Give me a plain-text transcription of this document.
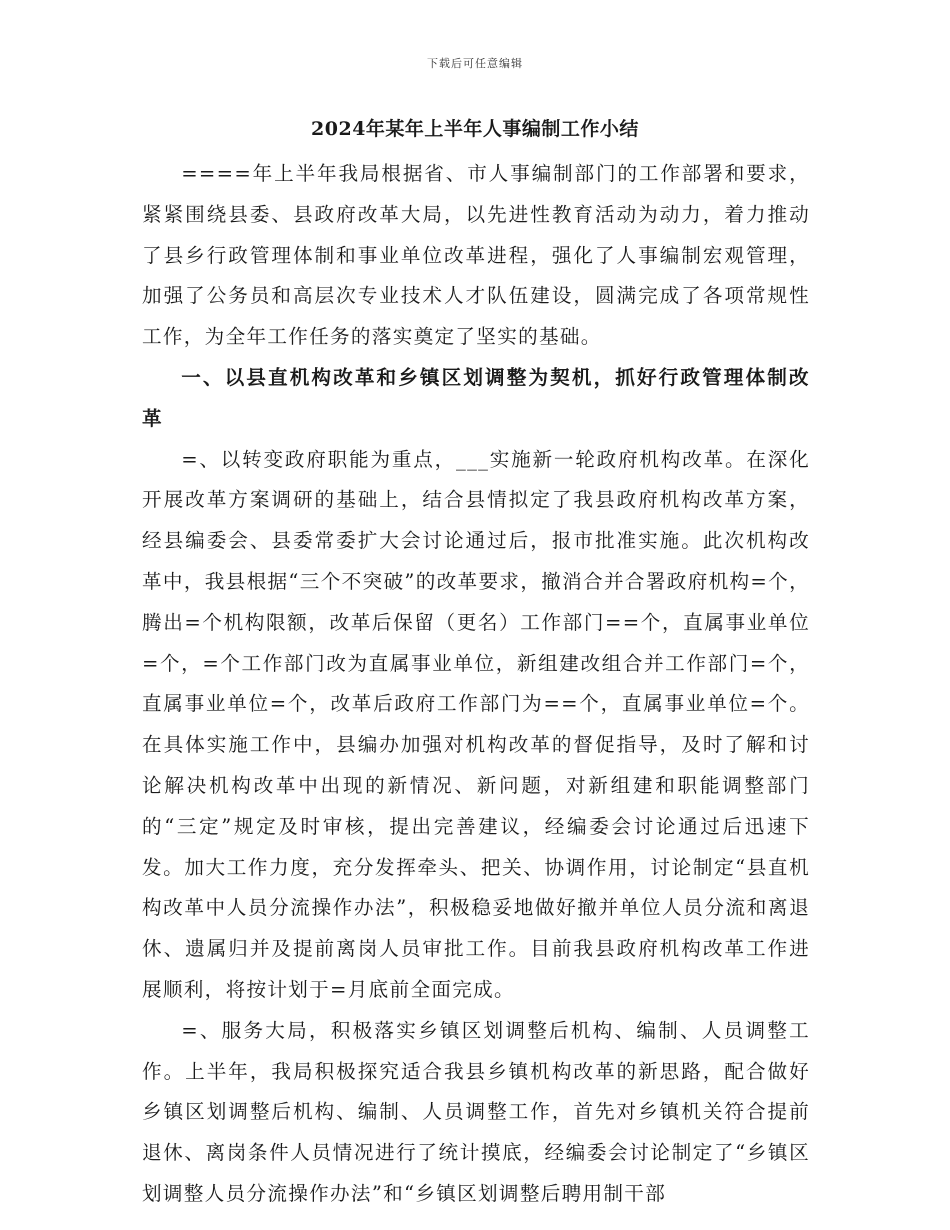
下载后可任意编辑
2024年某年上半年人事编制工作小结

====年上半年我局根据省、市人事编制部门的工作部署和要求，紧紧围绕县委、县政府改革大局，以先进性教育活动为动力，着力推动了县乡行政管理体制和事业单位改革进程，强化了人事编制宏观管理，加强了公务员和高层次专业技术人才队伍建设，圆满完成了各项常规性工作，为全年工作任务的落实奠定了坚实的基础。

一、以县直机构改革和乡镇区划调整为契机，抓好行政管理体制改革

=、以转变政府职能为重点，___实施新一轮政府机构改革。在深化开展改革方案调研的基础上，结合县情拟定了我县政府机构改革方案，经县编委会、县委常委扩大会讨论通过后，报市批准实施。此次机构改革中，我县根据“三个不突破”的改革要求，撤消合并合署政府机构=个，腾出=个机构限额，改革后保留（更名）工作部门==个，直属事业单位=个，=个工作部门改为直属事业单位，新组建改组合并工作部门=个，直属事业单位=个，改革后政府工作部门为==个，直属事业单位=个。在具体实施工作中，县编办加强对机构改革的督促指导，及时了解和讨论解决机构改革中出现的新情况、新问题，对新组建和职能调整部门的“三定”规定及时审核，提出完善建议，经编委会讨论通过后迅速下发。加大工作力度，充分发挥牵头、把关、协调作用，讨论制定“县直机构改革中人员分流操作办法”，积极稳妥地做好撤并单位人员分流和离退休、遗属归并及提前离岗人员审批工作。目前我县政府机构改革工作进展顺利，将按计划于=月底前全面完成。

=、服务大局，积极落实乡镇区划调整后机构、编制、人员调整工作。上半年，我局积极探究适合我县乡镇机构改革的新思路，配合做好乡镇区划调整后机构、编制、人员调整工作，首先对乡镇机关符合提前退休、离岗条件人员情况进行了统计摸底，经编委会讨论制定了“乡镇区划调整人员分流操作办法”和“乡镇区划调整后聘用制干部
